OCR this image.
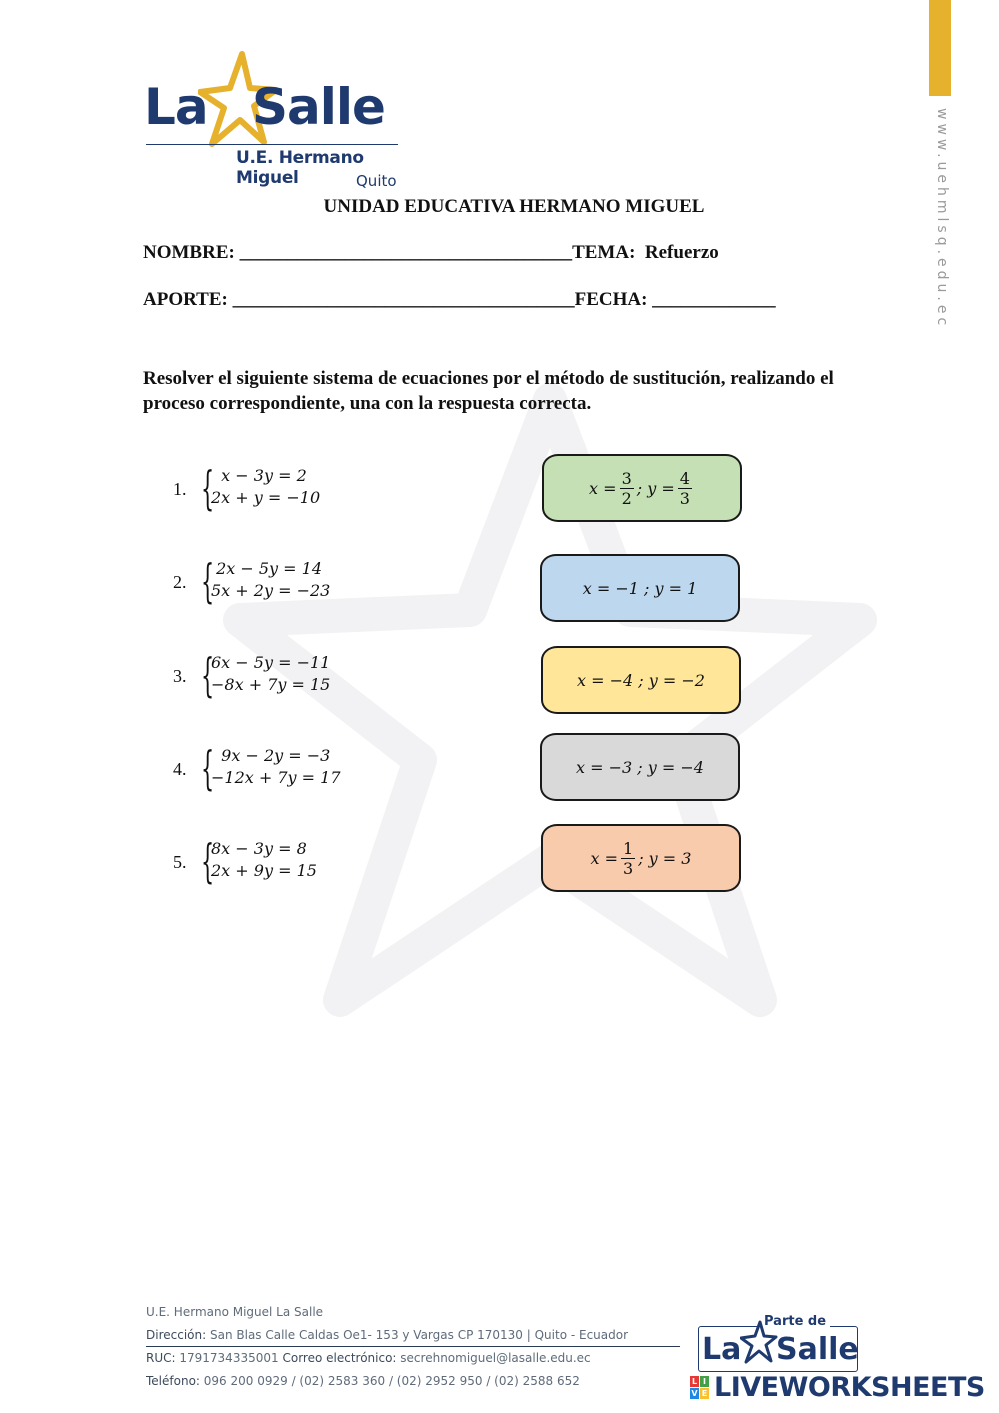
www.uehmlsq.edu.ec
La Salle
U.E. Hermano Miguel	Quito
UNIDAD EDUCATIVA HERMANO MIGUEL
NOMBRE: ___________________________________TEMA:  Refuerzo
APORTE: ____________________________________FECHA: _____________
Resolver el siguiente sistema de ecuaciones por el método de sustitución, realizando el proceso correspondiente, una con la respuesta correcta.
1. {
x − 3y = 2
2x + y = −10
2. {
2x − 5y = 14
5x + 2y = −23
3. {
6x − 5y = −11
−8x + 7y = 15
4. {
9x − 2y = −3
−12x + 7y = 17
5. {
8x − 3y = 8
2x + 9y = 15
$x = \frac{3}{2}$ ; $y = \frac{4}{3}$
x = −1 ; y = 1
x = −4 ; y = −2
x = −3 ; y = −4
$x = \frac{1}{3}$ ; y = 3
U.E. Hermano Miguel La Salle
Dirección: San Blas Calle Caldas Oe1- 153 y Vargas CP 170130 | Quito - Ecuador
RUC: 1791734335001 Correo electrónico: secrehnomiguel@lasalle.edu.ec
Teléfono: 096 200 0929 / (02) 2583 360 / (02) 2952 950 / (02) 2588 652
Parte de
La Salle
L I
V E LIVEWORKSHEETS
